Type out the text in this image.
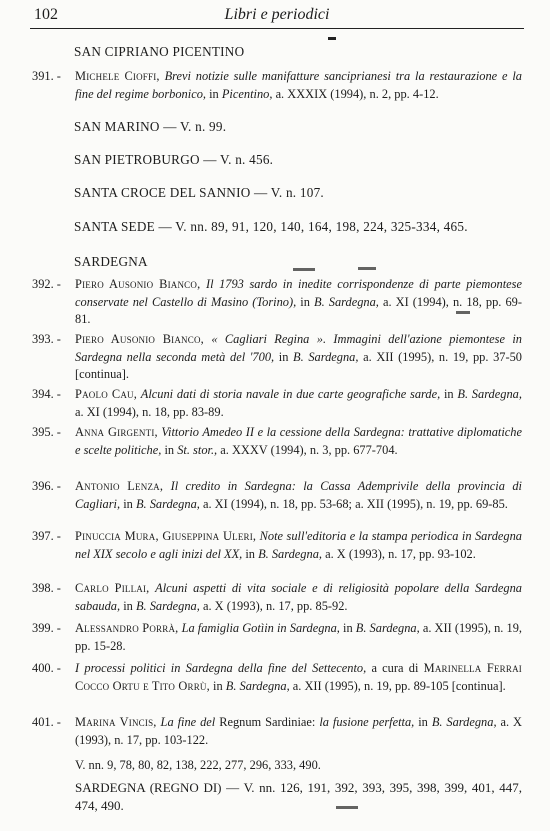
102	Libri e periodici
SAN CIPRIANO PICENTINO
391. -	Michele Cioffi, Brevi notizie sulle manifatture sanciprianesi tra la restaurazione e la fine del regime borbonico, in Picentino, a. XXXIX (1994), n. 2, pp. 4-12.
SAN MARINO — V. n. 99.
SAN PIETROBURGO — V. n. 456.
SANTA CROCE DEL SANNIO — V. n. 107.
SANTA SEDE — V. nn. 89, 91, 120, 140, 164, 198, 224, 325-334, 465.
SARDEGNA
392. -	Piero Ausonio Bianco, Il 1793 sardo in inedite corrispondenze di parte piemontese conservate nel Castello di Masino (Torino), in B. Sardegna, a. XI (1994), n. 18, pp. 69-81.
393. -	Piero Ausonio Bianco, « Cagliari Regina ». Immagini dell'azione piemontese in Sardegna nella seconda metà del '700, in B. Sardegna, a. XII (1995), n. 19, pp. 37-50 [continua].
394. -	Paolo Cau, Alcuni dati di storia navale in due carte geografiche sarde, in B. Sardegna, a. XI (1994), n. 18, pp. 83-89.
395. -	Anna Girgenti, Vittorio Amedeo II e la cessione della Sardegna: trattative diplomatiche e scelte politiche, in St. stor., a. XXXV (1994), n. 3, pp. 677-704.
396. -	Antonio Lenza, Il credito in Sardegna: la Cassa Ademprivile della provincia di Cagliari, in B. Sardegna, a. XI (1994), n. 18, pp. 53-68; a. XII (1995), n. 19, pp. 69-85.
397. -	Pinuccia Mura, Giuseppina Uleri, Note sull'editoria e la stampa periodica in Sardegna nel XIX secolo e agli inizi del XX, in B. Sardegna, a. X (1993), n. 17, pp. 93-102.
398. -	Carlo Pillai, Alcuni aspetti di vita sociale e di religiosità popolare della Sardegna sabauda, in B. Sardegna, a. X (1993), n. 17, pp. 85-92.
399. -	Alessandro Porrà, La famiglia Gotìin in Sardegna, in B. Sardegna, a. XII (1995), n. 19, pp. 15-28.
400. -	I processi politici in Sardegna della fine del Settecento, a cura di Marinella Ferrai Cocco Ortu e Tito Orrù, in B. Sardegna, a. XII (1995), n. 19, pp. 89-105 [continua].
401. -	Marina Vincis, La fine del Regnum Sardiniae: la fusione perfetta, in B. Sardegna, a. X (1993), n. 17, pp. 103-122.
V. nn. 9, 78, 80, 82, 138, 222, 277, 296, 333, 490.
SARDEGNA (REGNO DI) — V. nn. 126, 191, 392, 393, 395, 398, 399, 401, 447, 474, 490.
